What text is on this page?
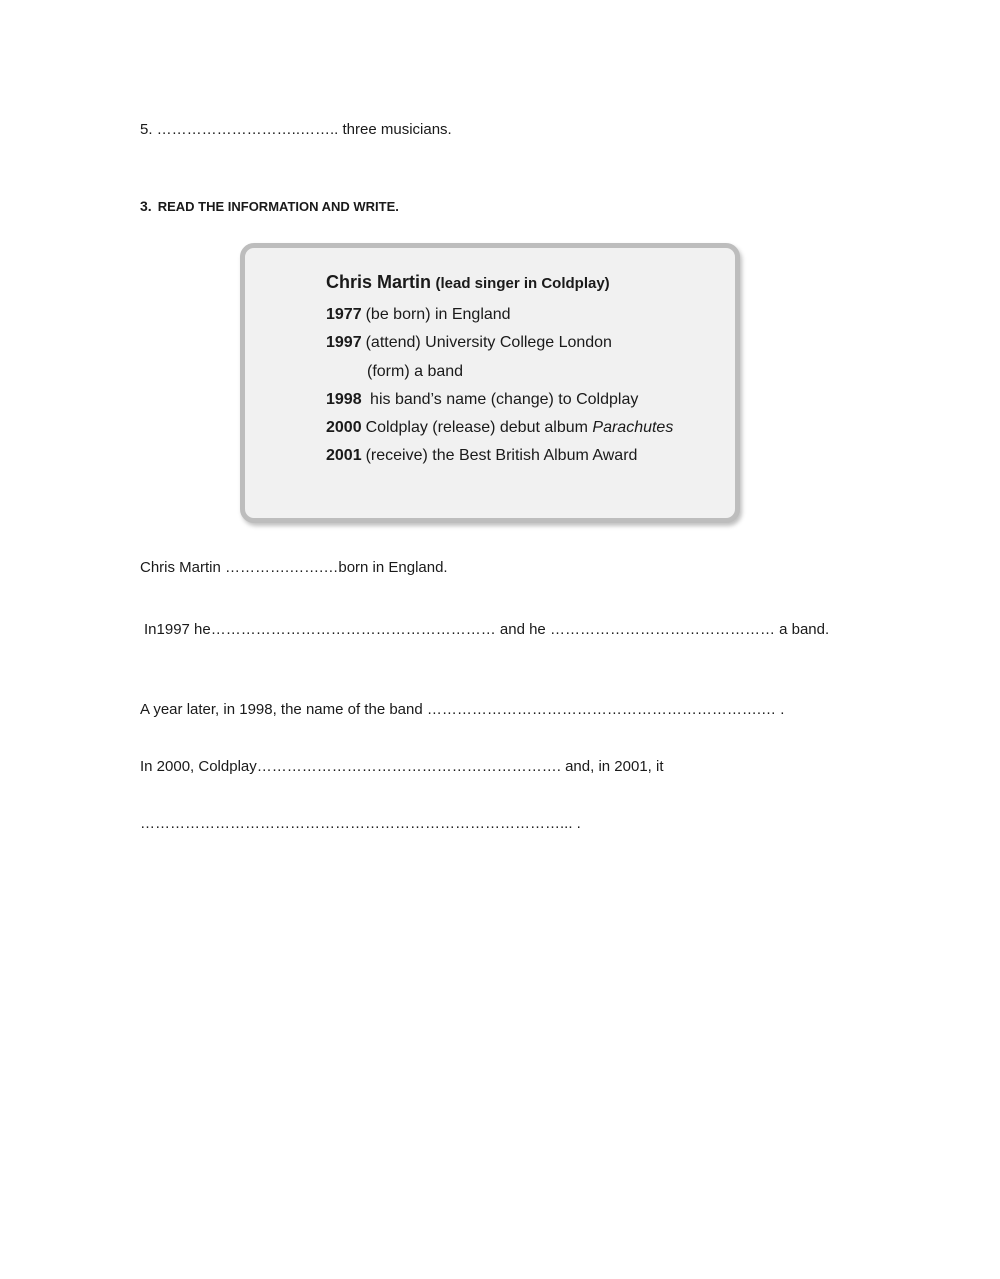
5. ………………………..…….. three musicians.
3. READ THE INFORMATION AND WRITE.
Chris Martin (lead singer in Coldplay)
1977 (be born) in England
1997 (attend) University College London
(form) a band
1998 his band’s name (change) to Coldplay
2000 Coldplay (release) debut album Parachutes
2001 (receive) the Best British Album Award
Chris Martin ………….…….…born in England.
In1997 he………………………………………………… and he ……………………………………… a band.
A year later, in 1998, the name of the band ………………………………………………………….… .
In 2000, Coldplay……………………………………………………. and, in 2001, it
…………………………………………………………………………... .
